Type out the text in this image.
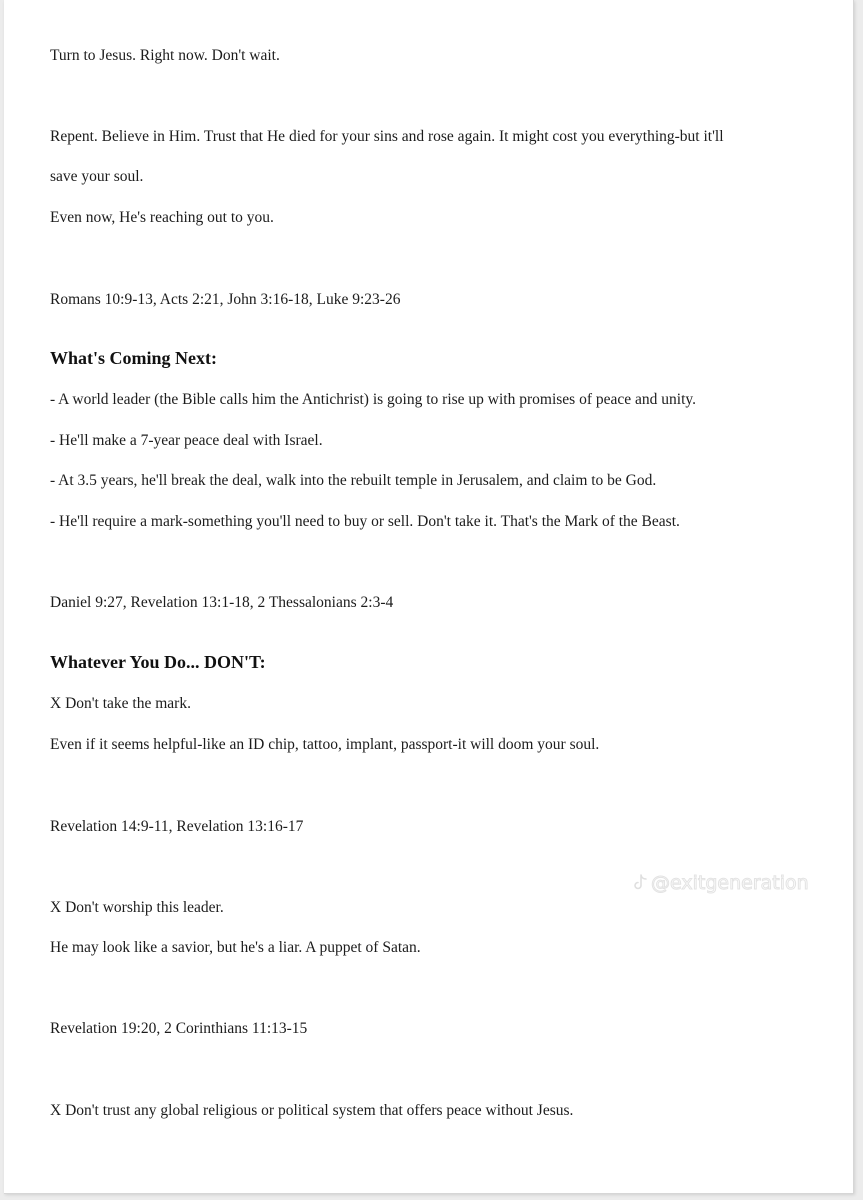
Turn to Jesus. Right now. Don't wait.
Repent. Believe in Him. Trust that He died for your sins and rose again. It might cost you everything-but it'll
save your soul.
Even now, He's reaching out to you.
Romans 10:9-13, Acts 2:21, John 3:16-18, Luke 9:23-26
What's Coming Next:
- A world leader (the Bible calls him the Antichrist) is going to rise up with promises of peace and unity.
- He'll make a 7-year peace deal with Israel.
- At 3.5 years, he'll break the deal, walk into the rebuilt temple in Jerusalem, and claim to be God.
- He'll require a mark-something you'll need to buy or sell. Don't take it. That's the Mark of the Beast.
Daniel 9:27, Revelation 13:1-18, 2 Thessalonians 2:3-4
Whatever You Do... DON'T:
X Don't take the mark.
Even if it seems helpful-like an ID chip, tattoo, implant, passport-it will doom your soul.
Revelation 14:9-11, Revelation 13:16-17
X Don't worship this leader.
He may look like a savior, but he's a liar. A puppet of Satan.
Revelation 19:20, 2 Corinthians 11:13-15
X Don't trust any global religious or political system that offers peace without Jesus.
@exitgeneration
